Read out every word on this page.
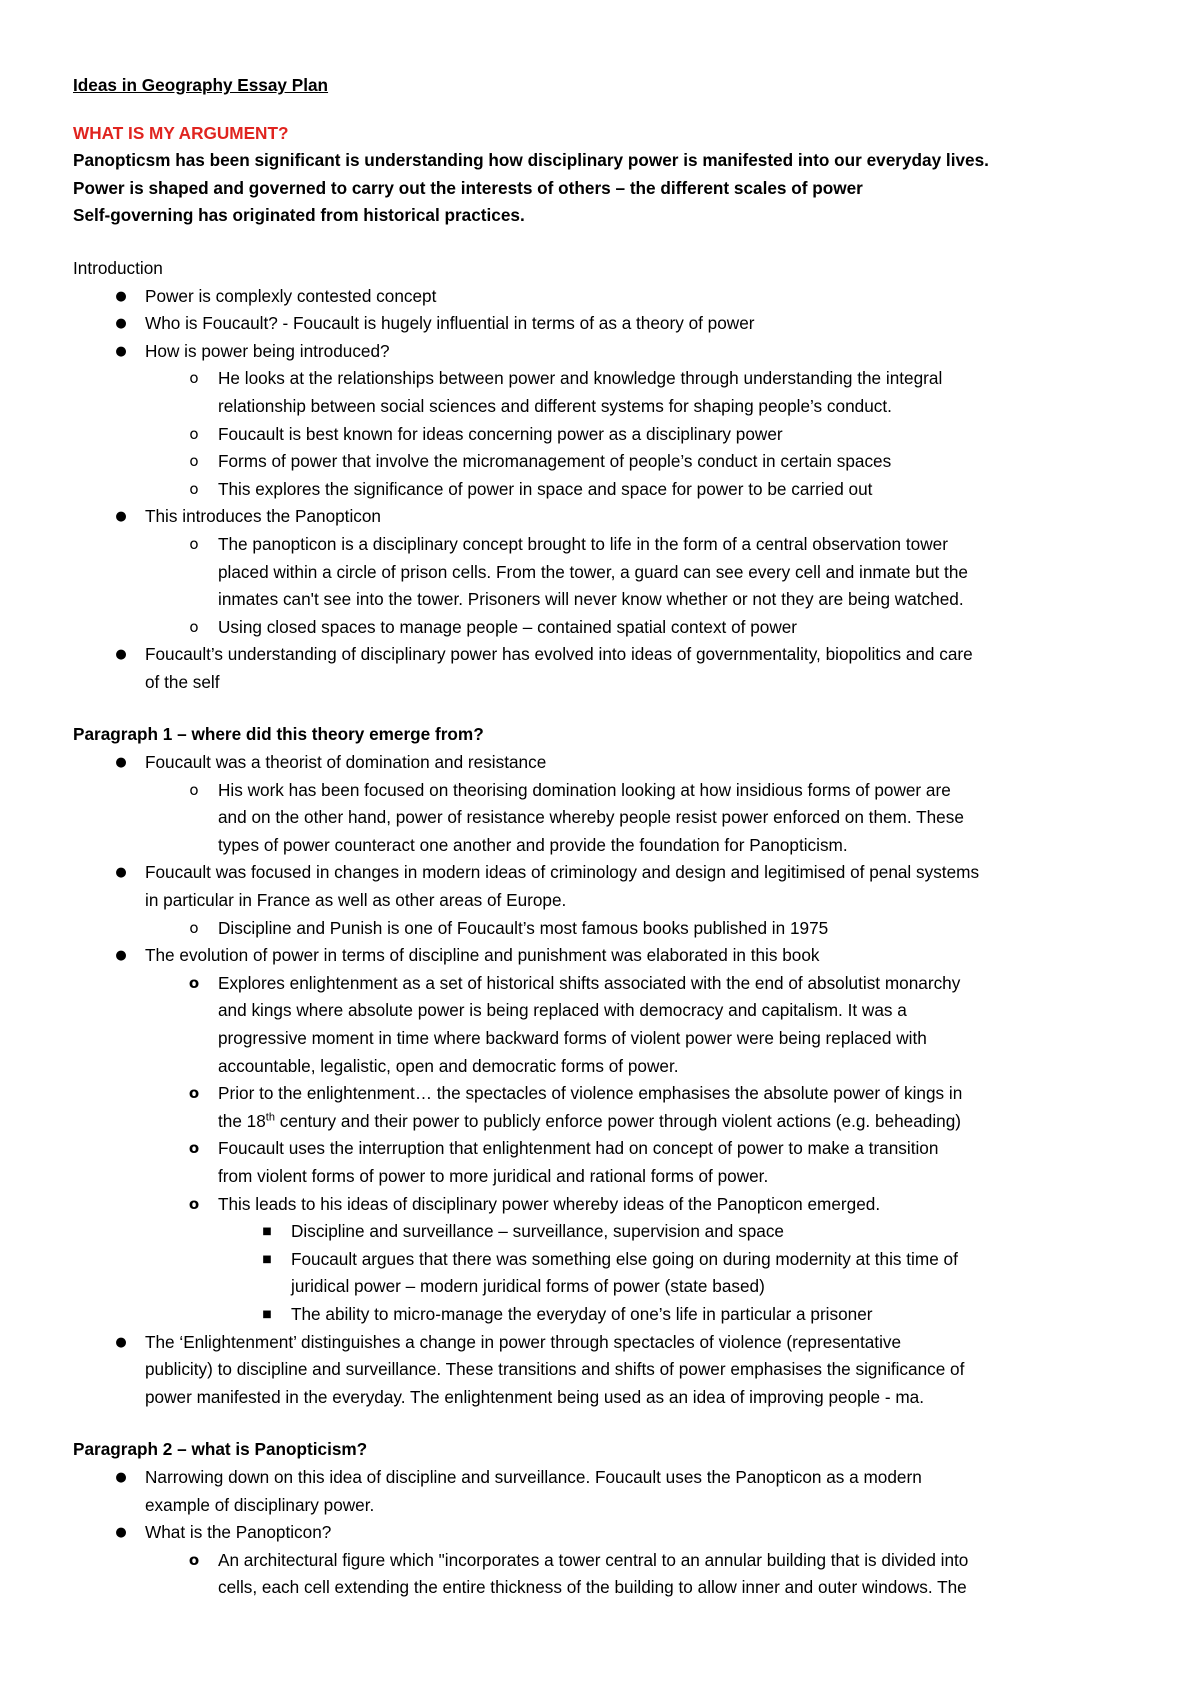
Ideas in Geography Essay Plan
WHAT IS MY ARGUMENT?
Panopticsm has been significant is understanding how disciplinary power is manifested into our everyday lives.
Power is shaped and governed to carry out the interests of others – the different scales of power
Self-governing has originated from historical practices.
Introduction
● Power is complexly contested concept
● Who is Foucault? - Foucault is hugely influential in terms of as a theory of power
● How is power being introduced?
o	He looks at the relationships between power and knowledge through understanding the integral
relationship between social sciences and different systems for shaping people’s conduct.
o	Foucault is best known for ideas concerning power as a disciplinary power
o	Forms of power that involve the micromanagement of people’s conduct in certain spaces
o	This explores the significance of power in space and space for power to be carried out
● This introduces the Panopticon
o	The panopticon is a disciplinary concept brought to life in the form of a central observation tower
placed within a circle of prison cells. From the tower, a guard can see every cell and inmate but the
inmates can't see into the tower. Prisoners will never know whether or not they are being watched.
o	Using closed spaces to manage people – contained spatial context of power
● Foucault’s understanding of disciplinary power has evolved into ideas of governmentality, biopolitics and care
of the self
Paragraph 1 – where did this theory emerge from?
● Foucault was a theorist of domination and resistance
o	His work has been focused on theorising domination looking at how insidious forms of power are
and on the other hand, power of resistance whereby people resist power enforced on them. These
types of power counteract one another and provide the foundation for Panopticism.
● Foucault was focused in changes in modern ideas of criminology and design and legitimised of penal systems
in particular in France as well as other areas of Europe.
o	Discipline and Punish is one of Foucault’s most famous books published in 1975
● The evolution of power in terms of discipline and punishment was elaborated in this book
o Explores enlightenment as a set of historical shifts associated with the end of absolutist monarchy
and kings where absolute power is being replaced with democracy and capitalism. It was a
progressive moment in time where backward forms of violent power were being replaced with
accountable, legalistic, open and democratic forms of power.
o Prior to the enlightenment… the spectacles of violence emphasises the absolute power of kings in
the 18th century and their power to publicly enforce power through violent actions (e.g. beheading)
o Foucault uses the interruption that enlightenment had on concept of power to make a transition
from violent forms of power to more juridical and rational forms of power.
o This leads to his ideas of disciplinary power whereby ideas of the Panopticon emerged.
■	Discipline and surveillance – surveillance, supervision and space
■	Foucault argues that there was something else going on during modernity at this time of
juridical power – modern juridical forms of power (state based)
■	The ability to micro-manage the everyday of one’s life in particular a prisoner
● The ‘Enlightenment’ distinguishes a change in power through spectacles of violence (representative
publicity) to discipline and surveillance. These transitions and shifts of power emphasises the significance of
power manifested in the everyday. The enlightenment being used as an idea of improving people - ma.
Paragraph 2 – what is Panopticism?
● Narrowing down on this idea of discipline and surveillance. Foucault uses the Panopticon as a modern
example of disciplinary power.
● What is the Panopticon?
o An architectural figure which "incorporates a tower central to an annular building that is divided into
cells, each cell extending the entire thickness of the building to allow inner and outer windows. The
